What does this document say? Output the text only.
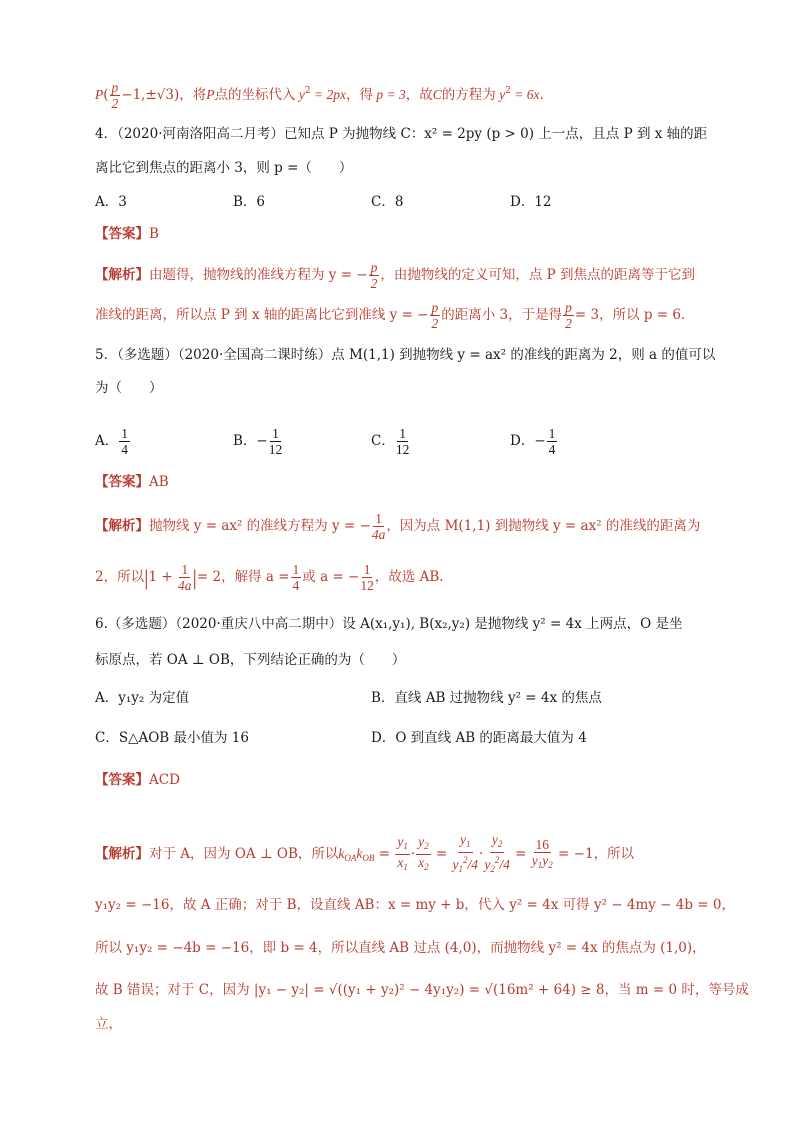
$P( \frac{p}{2} -1,\pm√3)$，将P点的坐标代入 $y^2 = 2px$，得 p = 3，故C的方程为 $y^2 = 6x$.
4．（2020·河南洛阳高二月考）已知点 P 为抛物线 C：x² = 2py (p > 0) 上一点，且点 P 到 x 轴的距
离比它到焦点的距离小 3，则 p =（　　）
A．3	B．6	C．8	D．12
【答案】B
【解析】由题得，抛物线的准线方程为 y = − $\frac{p}{2}$ ，由抛物线的定义可知，点 P 到焦点的距离等于它到
准线的距离，所以点 P 到 x 轴的距离比它到准线 y = − $\frac{p}{2}$ 的距离小 3，于是得 $\frac{p}{2} = 3$，所以 p = 6．
5．（多选题）（2020·全国高二课时练）点 M(1,1) 到抛物线 y = ax² 的准线的距离为 2，则 a 的值可以
为（　　）
A． $\frac{1}{4}$	B．− $\frac{1}{12}$	C． $\frac{1}{12}$	D．− $\frac{1}{4}$
【答案】AB
【解析】抛物线 y = ax² 的准线方程为 y = − $\frac{1}{4a}$ ，因为点 M(1,1) 到抛物线 y = ax² 的准线的距离为
2，所以$|1 + \frac{1}{4a}$ |= 2，解得 $a = \frac{1}{4}$ 或 a = − $\frac{1}{12}$ ，故选 AB.
6.（多选题）（2020·重庆八中高二期中）设 A(x₁,y₁), B(x₂,y₂) 是抛物线 y² = 4x 上两点，O 是坐
标原点，若 OA ⊥ OB，下列结论正确的为（　　）
A．y₁y₂ 为定值	B．直线 AB 过抛物线 y² = 4x 的焦点
C．S△AOB 最小值为 16	D．O 到直线 AB 的距离最大值为 4
【答案】ACD
【解析】对于 A，因为 OA ⊥ OB，所以$k_{OA}k_{OB} = \frac{y_1}{x_1} \cdot \frac{y_2}{x_2} = \frac{y_1}{y_1^2/4} \cdot \frac{y_2}{y_2^2/4} = \frac{16}{y_1y_2} = -1$，所以
y₁y₂ = −16，故 A 正确；对于 B，设直线 AB：x = my + b，代入 y² = 4x 可得 y² − 4my − 4b = 0，
所以 y₁y₂ = −4b = −16，即 b = 4，所以直线 AB 过点 (4,0)，而抛物线 y² = 4x 的焦点为 (1,0)，
故 B 错误；对于 C，因为 |y₁ − y₂| = √((y₁ + y₂)² − 4y₁y₂) = √(16m² + 64) ≥ 8，当 m = 0 时，等号成
立，
